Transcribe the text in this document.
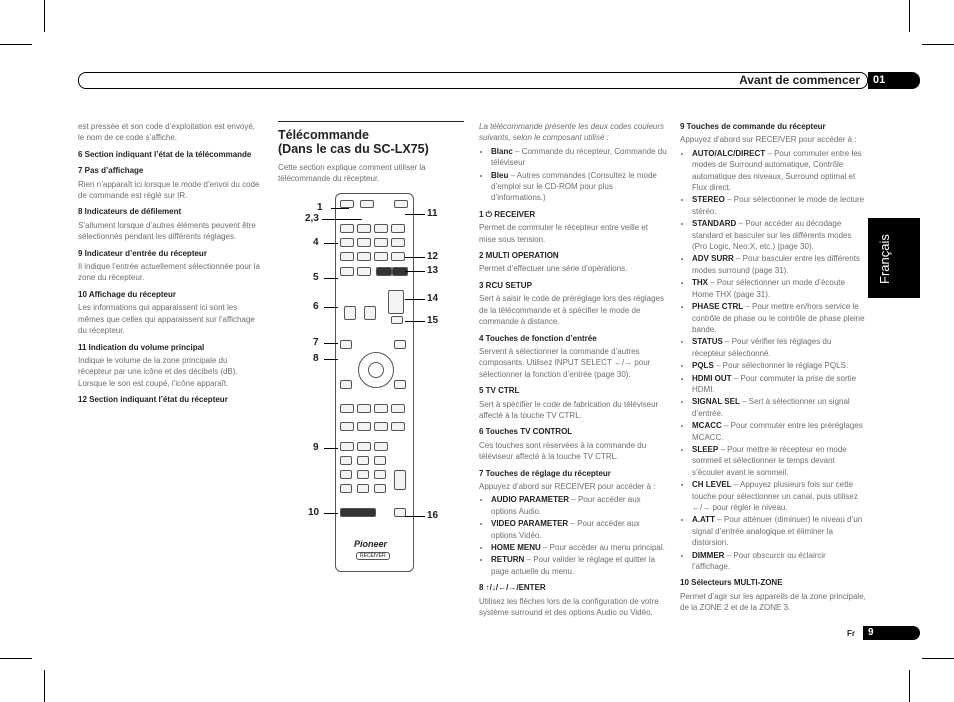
Avant de commencer	01
Français

est pressée et son code d’exploitation est envoyé, le nom de ce code s’affiche.

6 Section indiquant l’état de la télécommande

7 Pas d’affichage

Rien n’apparaît ici lorsque le mode d’envoi du code de commande est réglé sur IR.

8 Indicateurs de défilement

S’allument lorsque d’autres éléments peuvent être sélectionnés pendant les différents réglages.

9 Indicateur d’entrée du récepteur

Il indique l’entrée actuellement sélectionnée pour la zone du récepteur.

10 Affichage du récepteur

Les informations qui apparaissent ici sont les mêmes que celles qui apparaissent sur l’affichage du récepteur.

11 Indication du volume principal

Indique le volume de la zone principale du récepteur par une icône et des décibels (dB). Lorsque le son est coupé, l’icône apparaît.

12 Section indiquant l’état du récepteur

Télécommande
(Dans le cas du SC-LX75)

Cette section explique comment utiliser la télécommande du récepteur.

Pioneer
RECEIVER
1
2,3
4
5
6
7
8
9
10
11
12
13
14
15
16

La télécommande présente les deux codes couleurs suivants, selon le composant utilisé :

• Blanc – Commande du récepteur, Commande du téléviseur
• Bleu – Autres commandes (Consultez le mode d’emploi sur le CD-ROM pour plus d’informations.)

1 ⏻ RECEIVER

Permet de commuter le récepteur entre veille et mise sous tension.

2 MULTI OPERATION

Permet d’effectuer une série d’opérations.

3 RCU SETUP

Sert à saisir le code de préréglage lors des réglages de la télécommande et à spécifier le mode de commande à distance.

4 Touches de fonction d’entrée

Servent à sélectionner la commande d’autres composants. Utilisez INPUT SELECT ←/→ pour sélectionner la fonction d’entrée (page 30).

5 TV CTRL

Sert à spécifier le code de fabrication du téléviseur affecté à la touche TV CTRL.

6 Touches TV CONTROL

Ces touches sont réservées à la commande du téléviseur affecté à la touche TV CTRL.

7 Touches de réglage du récepteur

Appuyez d’abord sur RECEIVER pour accéder à :

• AUDIO PARAMETER – Pour accéder aux options Audio.
• VIDEO PARAMETER – Pour accéder aux options Vidéo.
• HOME MENU – Pour accéder au menu principal.
• RETURN – Pour valider le réglage et quitter la page actuelle du menu.

8 ↑/↓/←/→/ENTER

Utilisez les flèches lors de la configuration de votre système surround et des options Audio ou Vidéo.

9 Touches de commande du récepteur

Appuyez d’abord sur RECEIVER pour accéder à :

• AUTO/ALC/DIRECT – Pour commuter entre les modes de Surround automatique, Contrôle automatique des niveaux, Surround optimal et Flux direct.
• STEREO – Pour sélectionner le mode de lecture stéréo.
• STANDARD – Pour accéder au décodage standard et basculer sur les différents modes (Pro Logic, Neo:X, etc.) (page 30).
• ADV SURR – Pour basculer entre les différents modes surround (page 31).
• THX – Pour sélectionner un mode d’écoute Home THX (page 31).
• PHASE CTRL – Pour mettre en/hors service le contrôle de phase ou le contrôle de phase pleine bande.
• STATUS – Pour vérifier les réglages du récepteur sélectionné.
• PQLS – Pour sélectionner le réglage PQLS.
• HDMI OUT – Pour commuter la prise de sortie HDMI.
• SIGNAL SEL – Sert à sélectionner un signal d’entrée.
• MCACC – Pour commuter entre les préréglages MCACC.
• SLEEP – Pour mettre le récepteur en mode sommeil et sélectionner le temps devant s’écouler avant le sommeil.
• CH LEVEL – Appuyez plusieurs fois sur cette touche pour sélectionner un canal, puis utilisez ←/→ pour régler le niveau.
• A.ATT – Pour atténuer (diminuer) le niveau d’un signal d’entrée analogique et éliminer la distorsion.
• DIMMER – Pour obscurcir ou éclaircir l’affichage.

10 Sélecteurs MULTI-ZONE

Permet d’agir sur les appareils de la zone principale, de la ZONE 2 et de la ZONE 3.

Fr	9
